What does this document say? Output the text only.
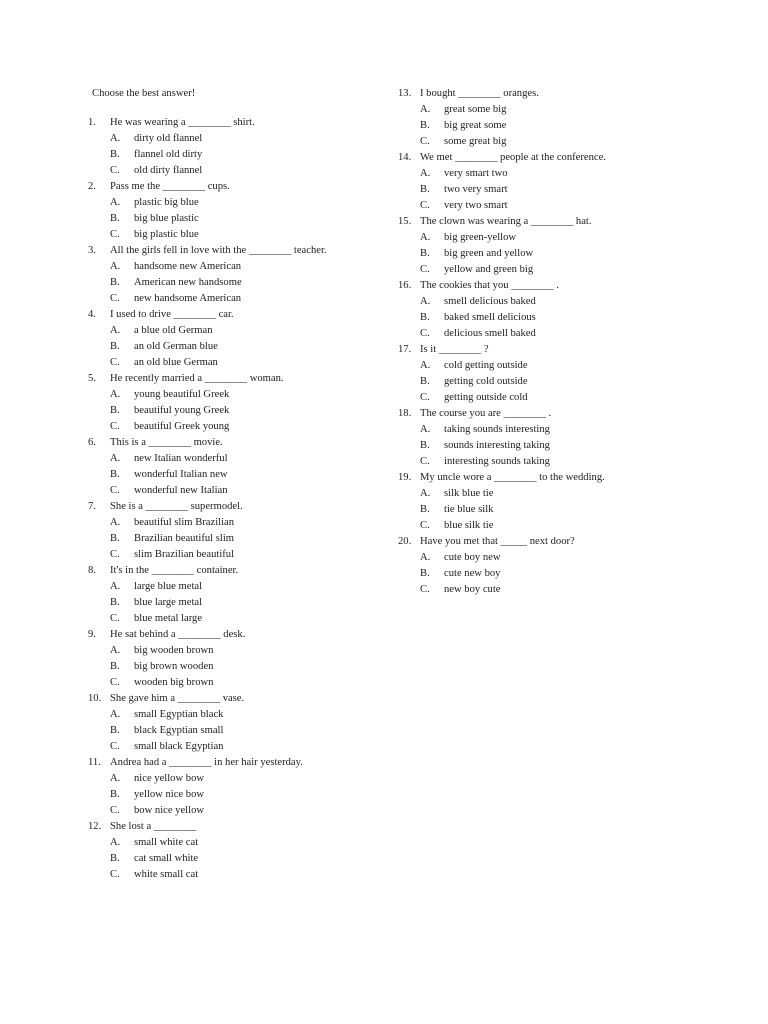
Choose the best answer!
1.	He was wearing a ________ shirt.
A.	dirty old flannel
B.	flannel old dirty
C.	old dirty flannel
2.	Pass me the ________ cups.
A.	plastic big blue
B.	big blue plastic
C.	big plastic blue
3.	All the girls fell in love with the ________ teacher.
A.	handsome new American
B.	American new handsome
C.	new handsome American
4.	I used to drive ________ car.
A.	a blue old German
B.	an old German blue
C.	an old blue German
5.	He recently married a ________ woman.
A.	young beautiful Greek
B.	beautiful young Greek
C.	beautiful Greek young
6.	This is a ________ movie.
A.	new Italian wonderful
B.	wonderful Italian new
C.	wonderful new Italian
7.	She is a ________ supermodel.
A.	beautiful slim Brazilian
B.	Brazilian beautiful slim
C.	slim Brazilian beautiful
8.	It's in the ________ container.
A.	large blue metal
B.	blue large metal
C.	blue metal large
9.	He sat behind a ________ desk.
A.	big wooden brown
B.	big brown wooden
C.	wooden big brown
10. She gave him a ________ vase.
A.	small Egyptian black
B.	black Egyptian small
C.	small black Egyptian
11. Andrea had a ________ in her hair yesterday.
A.	nice yellow bow
B.	yellow nice bow
C.	bow nice yellow
12. She lost a ________
A.	small white cat
B.	cat small white
C.	white small cat
13. I bought ________ oranges.
A.	great some big
B.	big great some
C.	some great big
14. We met ________ people at the conference.
A.	very smart two
B.	two very smart
C.	very two smart
15. The clown was wearing a ________ hat.
A.	big green-yellow
B.	big green and yellow
C.	yellow and green big
16. The cookies that you ________ .
A.	smell delicious baked
B.	baked smell delicious
C.	delicious smell baked
17. Is it ________ ?
A.	cold getting outside
B.	getting cold outside
C.	getting outside cold
18. The course you are ________ .
A.	taking sounds interesting
B.	sounds interesting taking
C.	interesting sounds taking
19. My uncle wore a ________ to the wedding.
A.	silk blue tie
B.	tie blue silk
C.	blue silk tie
20. Have you met that _____ next door?
A.	cute boy new
B.	cute new boy
C.	new boy cute
